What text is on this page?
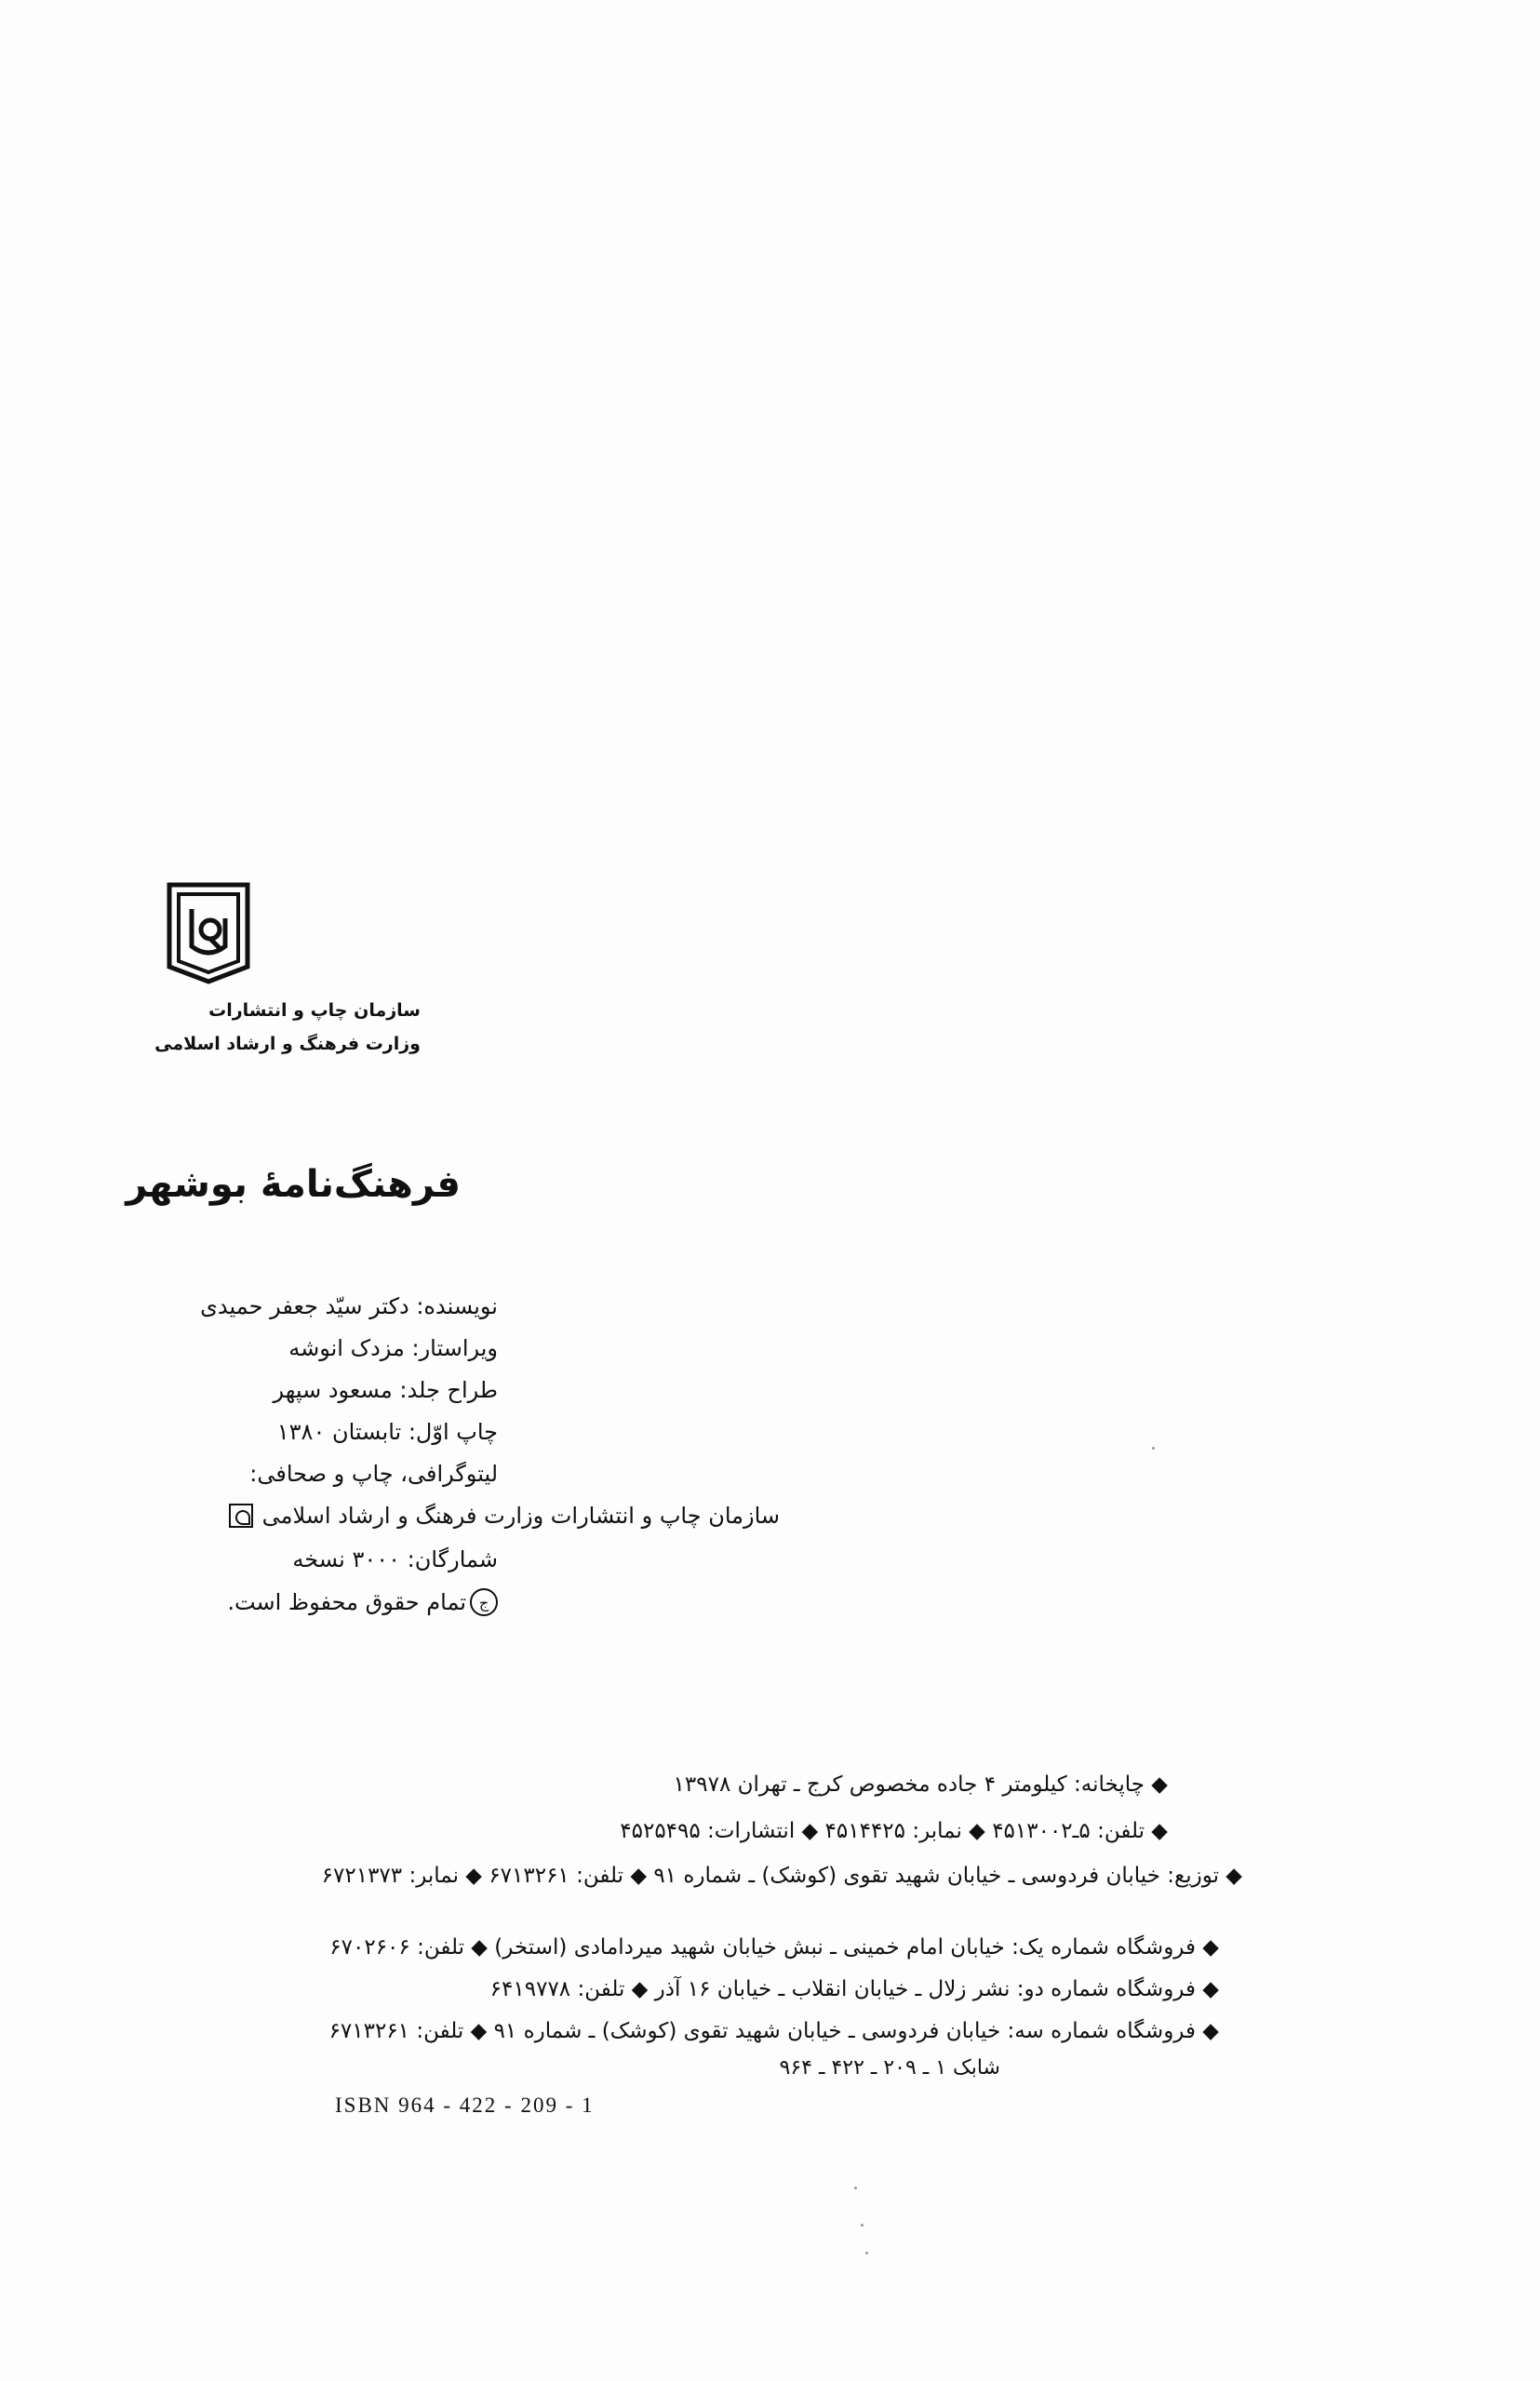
سازمان چاپ و انتشارات
وزارت فرهنگ و ارشاد اسلامی
فرهنگ‌نامهٔ بوشهر
نویسنده: دکتر سیّد جعفر حمیدی
ویراستار: مزدک انوشه
طراح جلد: مسعود سپهر
چاپ اوّل: تابستان ۱۳۸۰
لیتوگرافی، چاپ و صحافی:
سازمان چاپ و انتشارات وزارت فرهنگ و ارشاد اسلامی
شمارگان: ۳۰۰۰ نسخه
ج
تمام حقوق محفوظ است.
◆ چاپخانه: کیلومتر ۴ جاده مخصوص کرج ـ تهران ۱۳۹۷۸
◆ تلفن: ۵ـ۴۵۱۳۰۰۲ ◆ نمابر: ۴۵۱۴۴۲۵ ◆ انتشارات: ۴۵۲۵۴۹۵
◆ توزیع: خیابان فردوسی ـ خیابان شهید تقوی (کوشک) ـ شماره ۹۱ ◆ تلفن: ۶۷۱۳۲۶۱ ◆ نمابر: ۶۷۲۱۳۷۳
◆ فروشگاه شماره یک: خیابان امام خمینی ـ نبش خیابان شهید میردامادی (استخر) ◆ تلفن: ۶۷۰۲۶۰۶
◆ فروشگاه شماره دو: نشر زلال ـ خیابان انقلاب ـ خیابان ۱۶ آذر ◆ تلفن: ۶۴۱۹۷۷۸
◆ فروشگاه شماره سه: خیابان فردوسی ـ خیابان شهید تقوی (کوشک) ـ شماره ۹۱ ◆ تلفن: ۶۷۱۳۲۶۱
شابک ۱ ـ ۲۰۹ ـ ۴۲۲ ـ ۹۶۴
ISBN 964 - 422 - 209 - 1
